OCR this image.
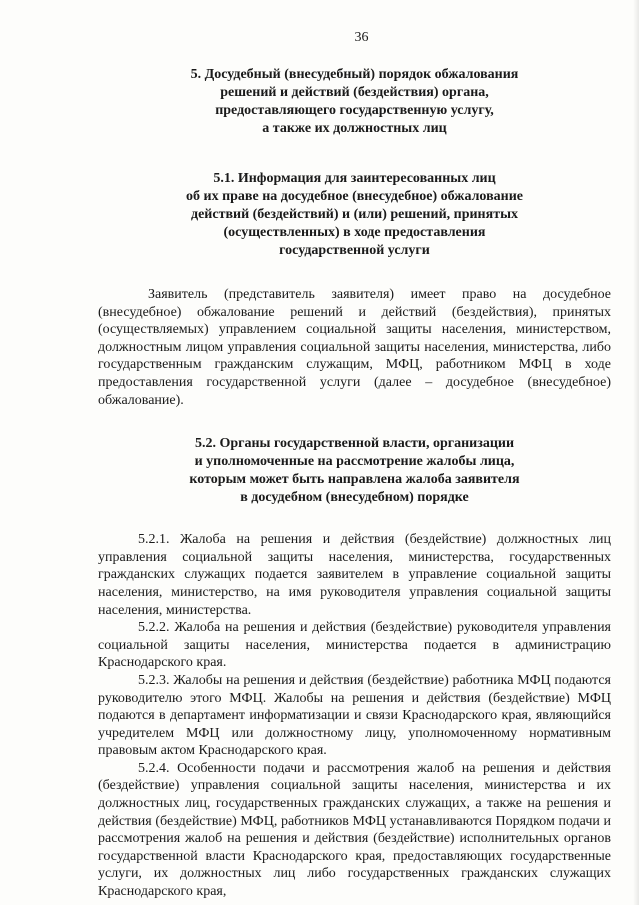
36
5. Досудебный (внесудебный) порядок обжалования
решений и действий (бездействия) органа,
предоставляющего государственную услугу,
а также их должностных лиц
5.1. Информация для заинтересованных лиц
об их праве на досудебное (внесудебное) обжалование
действий (бездействий) и (или) решений, принятых
(осуществленных) в ходе предоставления
государственной услуги

Заявитель (представитель заявителя) имеет право на досудебное (внесудебное) обжалование решений и действий (бездействия), принятых (осуществляемых) управлением социальной защиты населения, министерством, должностным лицом управления социальной защиты населения, министерства, либо государственным гражданским служащим, МФЦ, работником МФЦ в ходе предоставления государственной услуги (далее – досудебное (внесудебное) обжалование).

5.2. Органы государственной власти, организации
и уполномоченные на рассмотрение жалобы лица,
которым может быть направлена жалоба заявителя
в досудебном (внесудебном) порядке

5.2.1. Жалоба на решения и действия (бездействие) должностных лиц управления социальной защиты населения, министерства, государственных гражданских служащих подается заявителем в управление социальной защиты населения, министерство, на имя руководителя управления социальной защиты населения, министерства.

5.2.2. Жалоба на решения и действия (бездействие) руководителя управления социальной защиты населения, министерства подается в администрацию Краснодарского края.

5.2.3. Жалобы на решения и действия (бездействие) работника МФЦ подаются руководителю этого МФЦ. Жалобы на решения и действия (бездействие) МФЦ подаются в департамент информатизации и связи Краснодарского края, являющийся учредителем МФЦ или должностному лицу, уполномоченному нормативным правовым актом Краснодарского края.

5.2.4. Особенности подачи и рассмотрения жалоб на решения и действия (бездействие) управления социальной защиты населения, министерства и их должностных лиц, государственных гражданских служащих, а также на решения и действия (бездействие) МФЦ, работников МФЦ устанавливаются Порядком подачи и рассмотрения жалоб на решения и действия (бездействие) исполнительных органов государственной власти Краснодарского края, предоставляющих государственные услуги, их должностных лиц либо государственных гражданских служащих Краснодарского края,
